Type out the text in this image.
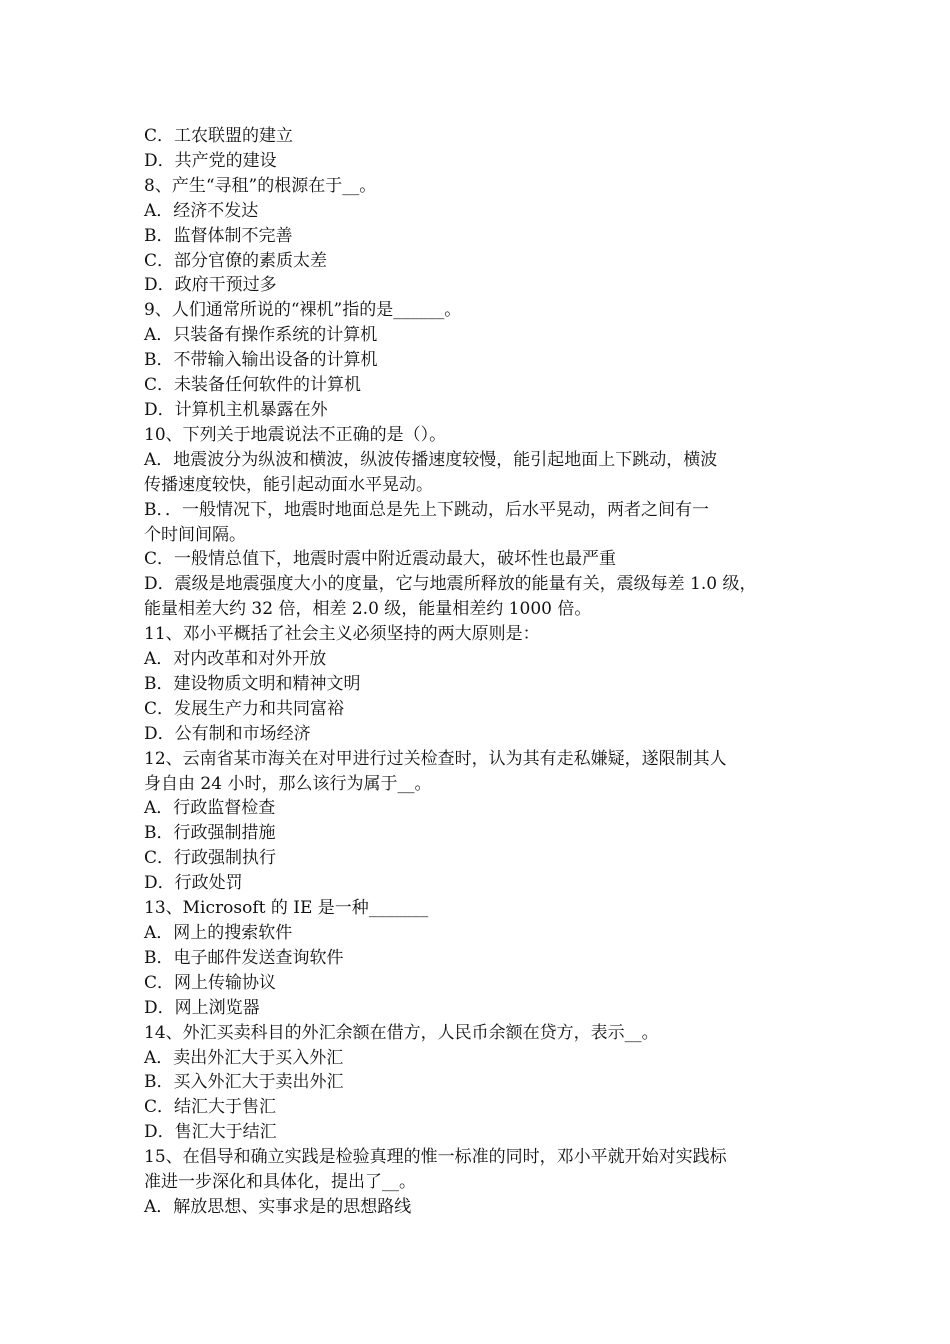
C．工农联盟的建立

D．共产党的建设

8、产生“寻租”的根源在于__。

A．经济不发达

B．监督体制不完善

C．部分官僚的素质太差

D．政府干预过多

9、人们通常所说的“裸机”指的是______。

A．只装备有操作系统的计算机

B．不带输入输出设备的计算机

C．未装备任何软件的计算机

D．计算机主机暴露在外

10、下列关于地震说法不正确的是（）。

A．地震波分为纵波和横波，纵波传播速度较慢，能引起地面上下跳动，横波

传播速度较快，能引起动面水平晃动。

B．．一般情况下，地震时地面总是先上下跳动，后水平晃动，两者之间有一

个时间间隔。

C．一般情总值下，地震时震中附近震动最大，破坏性也最严重

D．震级是地震强度大小的度量，它与地震所释放的能量有关，震级每差 1.0 级，

能量相差大约 32 倍，相差 2.0 级，能量相差约 1000 倍。

11、邓小平概括了社会主义必须坚持的两大原则是：

A．对内改革和对外开放

B．建设物质文明和精神文明

C．发展生产力和共同富裕

D．公有制和市场经济

12、云南省某市海关在对甲进行过关检查时，认为其有走私嫌疑，遂限制其人

身自由 24 小时，那么该行为属于__。

A．行政监督检查

B．行政强制措施

C．行政强制执行

D．行政处罚

13、Microsoft 的 IE 是一种_______

A．网上的搜索软件

B．电子邮件发送查询软件

C．网上传输协议

D．网上浏览器

14、外汇买卖科目的外汇余额在借方，人民币余额在贷方，表示__。

A．卖出外汇大于买入外汇

B．买入外汇大于卖出外汇

C．结汇大于售汇

D．售汇大于结汇

15、在倡导和确立实践是检验真理的惟一标准的同时，邓小平就开始对实践标

准进一步深化和具体化，提出了__。

A．解放思想、实事求是的思想路线
